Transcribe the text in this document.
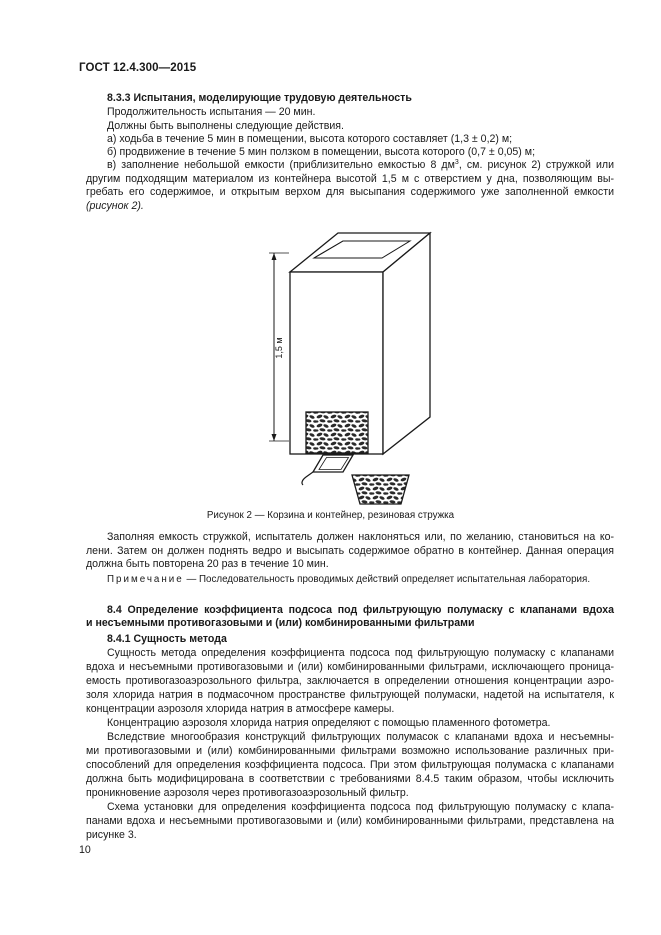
ГОСТ 12.4.300—2015
8.3.3 Испытания, моделирующие трудовую деятельность
Продолжительность испытания — 20 мин.
Должны быть выполнены следующие действия.
а) ходьба в течение 5 мин в помещении, высота которого составляет (1,3 ± 0,2) м;
б) продвижение в течение 5 мин ползком в помещении, высота которого (0,7 ± 0,05) м;
в) заполнение небольшой емкости (приблизительно емкостью 8 $дм^3$, см. рисунок 2) стружкой или
другим подходящим материалом из контейнера высотой 1,5 м с отверстием у дна, позволяющим вы-
гребать его содержимое, и открытым верхом для высыпания содержимого уже заполненной емкости
(рисунок 2).
1,5 м
Рисунок 2 — Корзина и контейнер, резиновая стружка
Заполняя емкость стружкой, испытатель должен наклоняться или, по желанию, становиться на ко-
лени. Затем он должен поднять ведро и высыпать содержимое обратно в контейнер. Данная операция
должна быть повторена 20 раз в течение 10 мин.
Примечание — Последовательность проводимых действий определяет испытательная лаборатория.
8.4 Определение коэффициента подсоса под фильтрующую полумаску с клапанами вдоха
и несъемными противогазовыми и (или) комбинированными фильтрами
8.4.1 Сущность метода
Сущность метода определения коэффициента подсоса под фильтрующую полумаску с клапанами
вдоха и несъемными противогазовыми и (или) комбинированными фильтрами, исключающего проница-
емость противогазоаэрозольного фильтра, заключается в определении отношения концентрации аэро-
золя хлорида натрия в подмасочном пространстве фильтрующей полумаски, надетой на испытателя, к
концентрации аэрозоля хлорида натрия в атмосфере камеры.
Концентрацию аэрозоля хлорида натрия определяют с помощью пламенного фотометра.
Вследствие многообразия конструкций фильтрующих полумасок с клапанами вдоха и несъемны-
ми противогазовыми и (или) комбинированными фильтрами возможно использование различных при-
способлений для определения коэффициента подсоса. При этом фильтрующая полумаска с клапанами
должна быть модифицирована в соответствии с требованиями 8.4.5 таким образом, чтобы исключить
проникновение аэрозоля через противогазоаэрозольный фильтр.
Схема установки для определения коэффициента подсоса под фильтрующую полумаску с клапа-
панами вдоха и несъемными противогазовыми и (или) комбинированными фильтрами, представлена на
рисунке 3.
10
